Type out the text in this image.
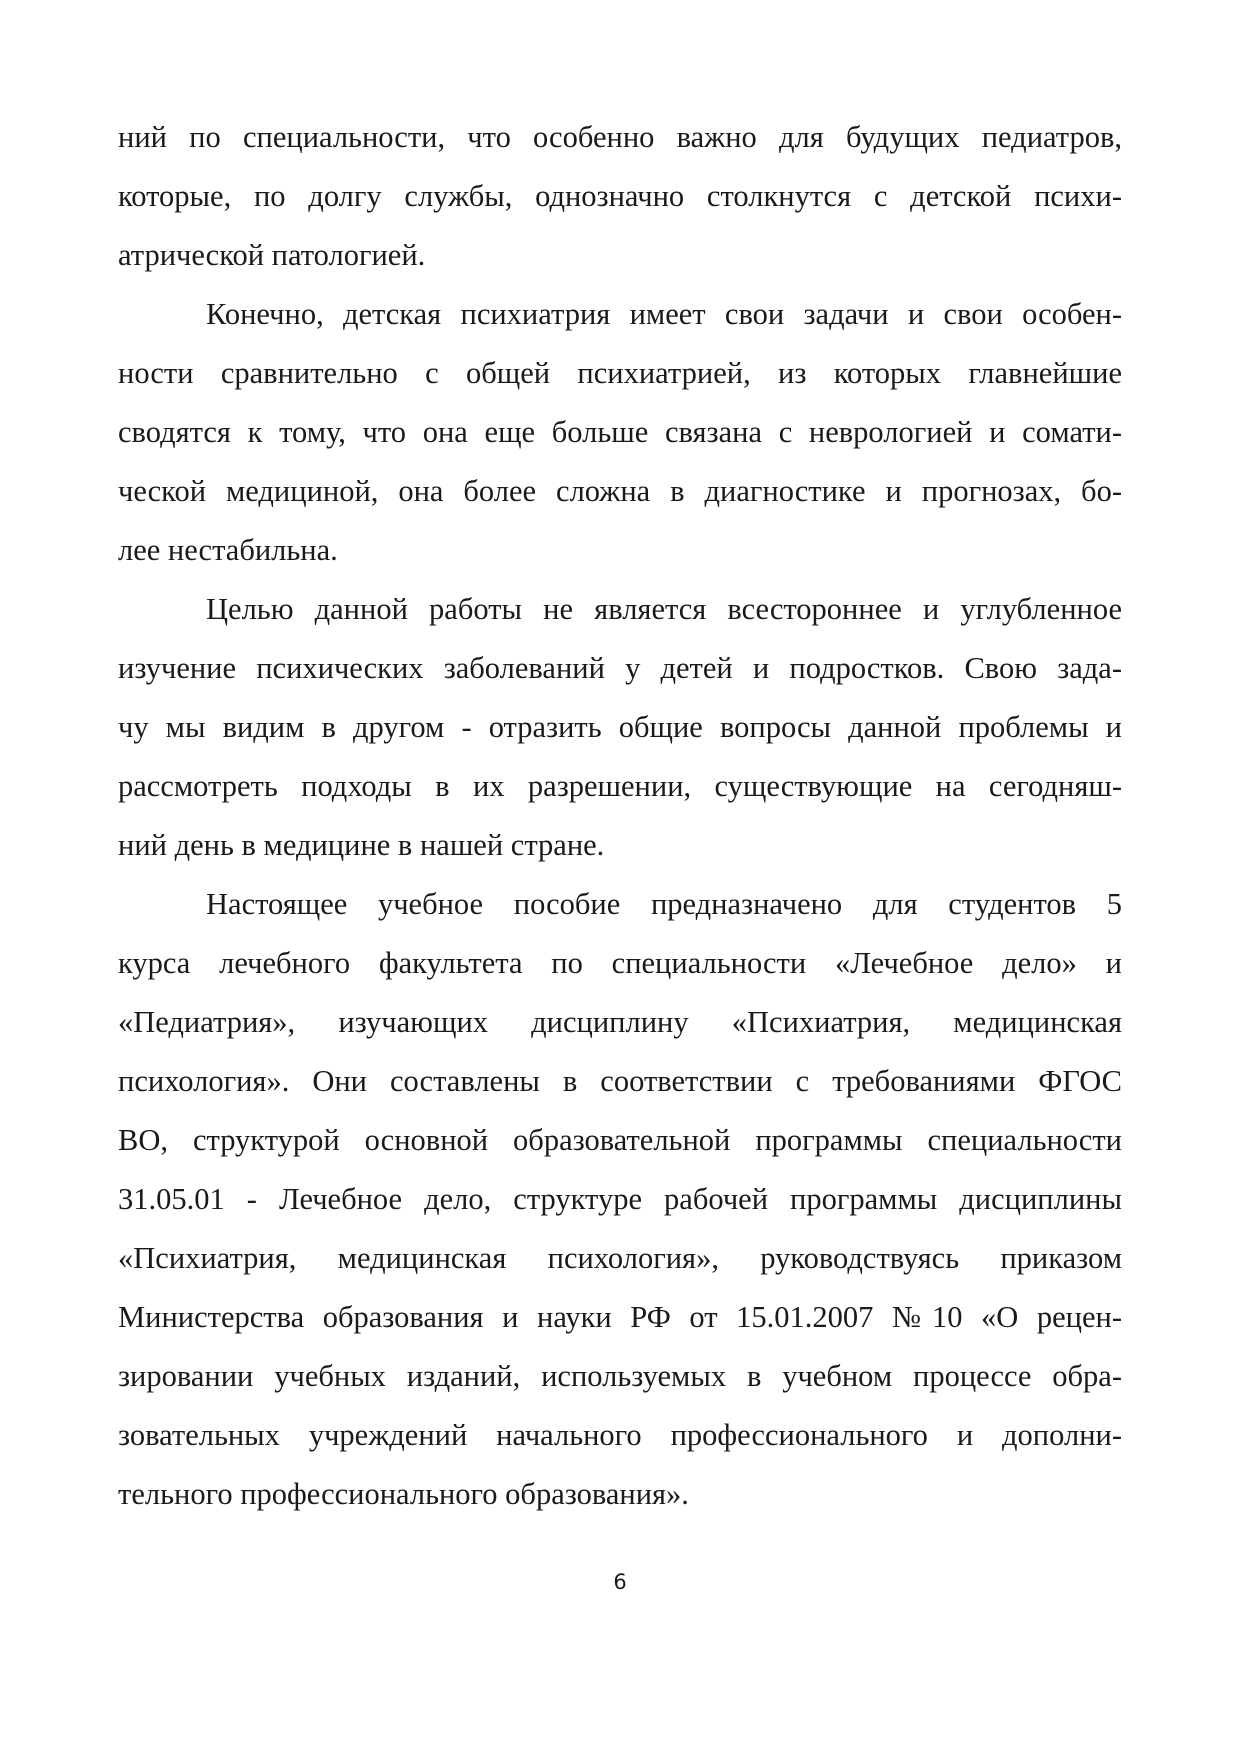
ний по специальности, что особенно важно для будущих педиатров,
которые, по долгу службы, однозначно столкнутся с детской психи-
атрической патологией.

Конечно, детская психиатрия имеет свои задачи и свои особен-
ности сравнительно с общей психиатрией, из которых главнейшие
сводятся к тому, что она еще больше связана с неврологией и сомати-
ческой медициной, она более сложна в диагностике и прогнозах, бо-
лее нестабильна.

Целью данной работы не является всестороннее и углубленное
изучение психических заболеваний у детей и подростков. Свою зада-
чу мы видим в другом - отразить общие вопросы данной проблемы и
рассмотреть подходы в их разрешении, существующие на сегодняш-
ний день в медицине в нашей стране.

Настоящее учебное пособие предназначено для студентов 5
курса лечебного факультета по специальности «Лечебное дело» и
«Педиатрия», изучающих дисциплину «Психиатрия, медицинская
психология». Они составлены в соответствии с требованиями ФГОС
ВО, структурой основной образовательной программы специальности
31.05.01 - Лечебное дело, структуре рабочей программы дисциплины
«Психиатрия, медицинская психология», руководствуясь приказом
Министерства образования и науки РФ от 15.01.2007 №10 «О рецен-
зировании учебных изданий, используемых в учебном процессе обра-
зовательных учреждений начального профессионального и дополни-
тельного профессионального образования».

6
